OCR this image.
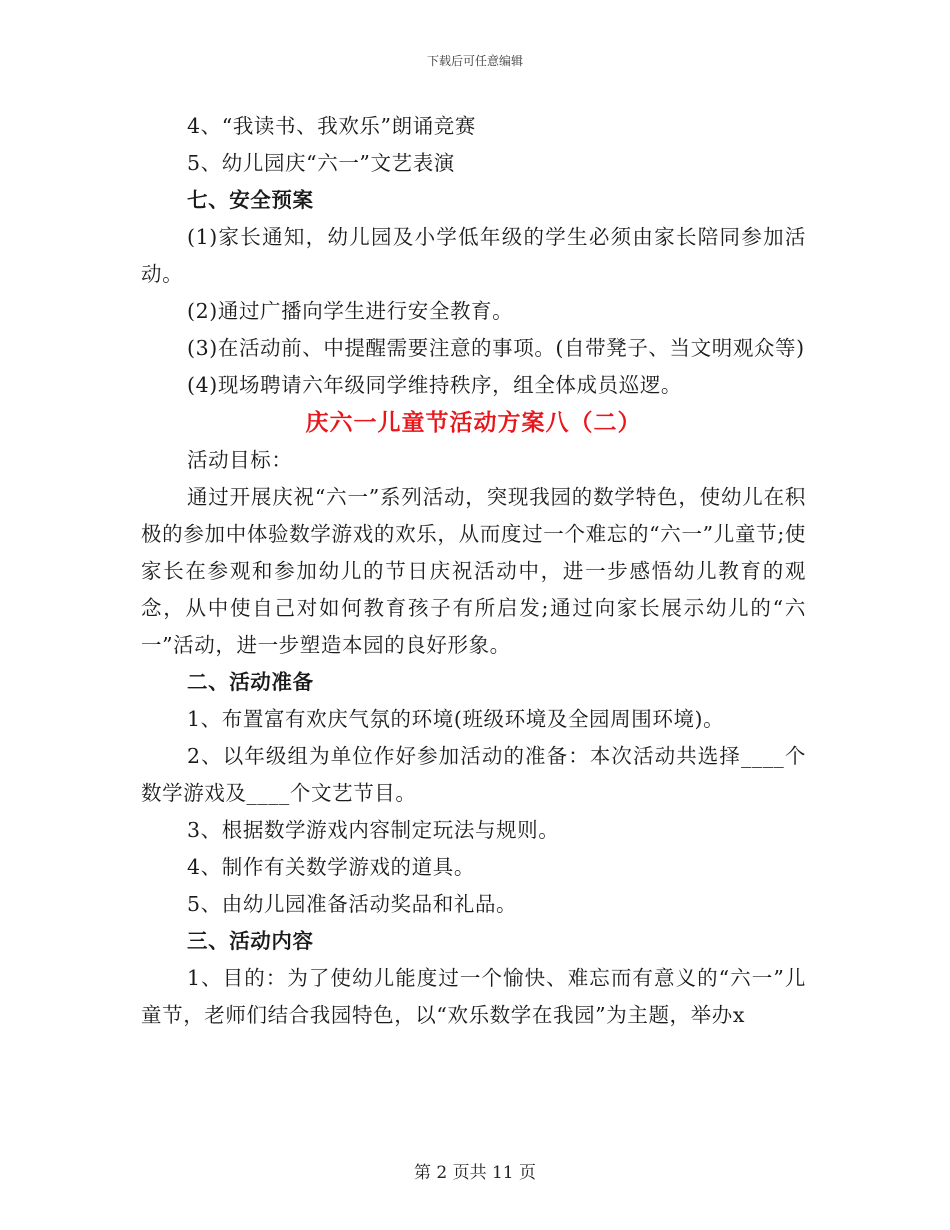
下载后可任意编辑

4、“我读书、我欢乐”朗诵竞赛

5、幼儿园庆“六一”文艺表演

七、安全预案

(1)家长通知，幼儿园及小学低年级的学生必须由家长陪同参加活动。

(2)通过广播向学生进行安全教育。

(3)在活动前、中提醒需要注意的事项。(自带凳子、当文明观众等)

(4)现场聘请六年级同学维持秩序，组全体成员巡逻。

庆六一儿童节活动方案八（二）

活动目标：

通过开展庆祝“六一”系列活动，突现我园的数学特色，使幼儿在积极的参加中体验数学游戏的欢乐，从而度过一个难忘的“六一”儿童节;使家长在参观和参加幼儿的节日庆祝活动中，进一步感悟幼儿教育的观念，从中使自己对如何教育孩子有所启发;通过向家长展示幼儿的“六一”活动，进一步塑造本园的良好形象。

二、活动准备

1、布置富有欢庆气氛的环境(班级环境及全园周围环境)。

2、以年级组为单位作好参加活动的准备：本次活动共选择____个数学游戏及____个文艺节目。

3、根据数学游戏内容制定玩法与规则。

4、制作有关数学游戏的道具。

5、由幼儿园准备活动奖品和礼品。

三、活动内容

1、目的：为了使幼儿能度过一个愉快、难忘而有意义的“六一”儿童节，老师们结合我园特色，以“欢乐数学在我园”为主题，举办x

第 2 页共 11 页
